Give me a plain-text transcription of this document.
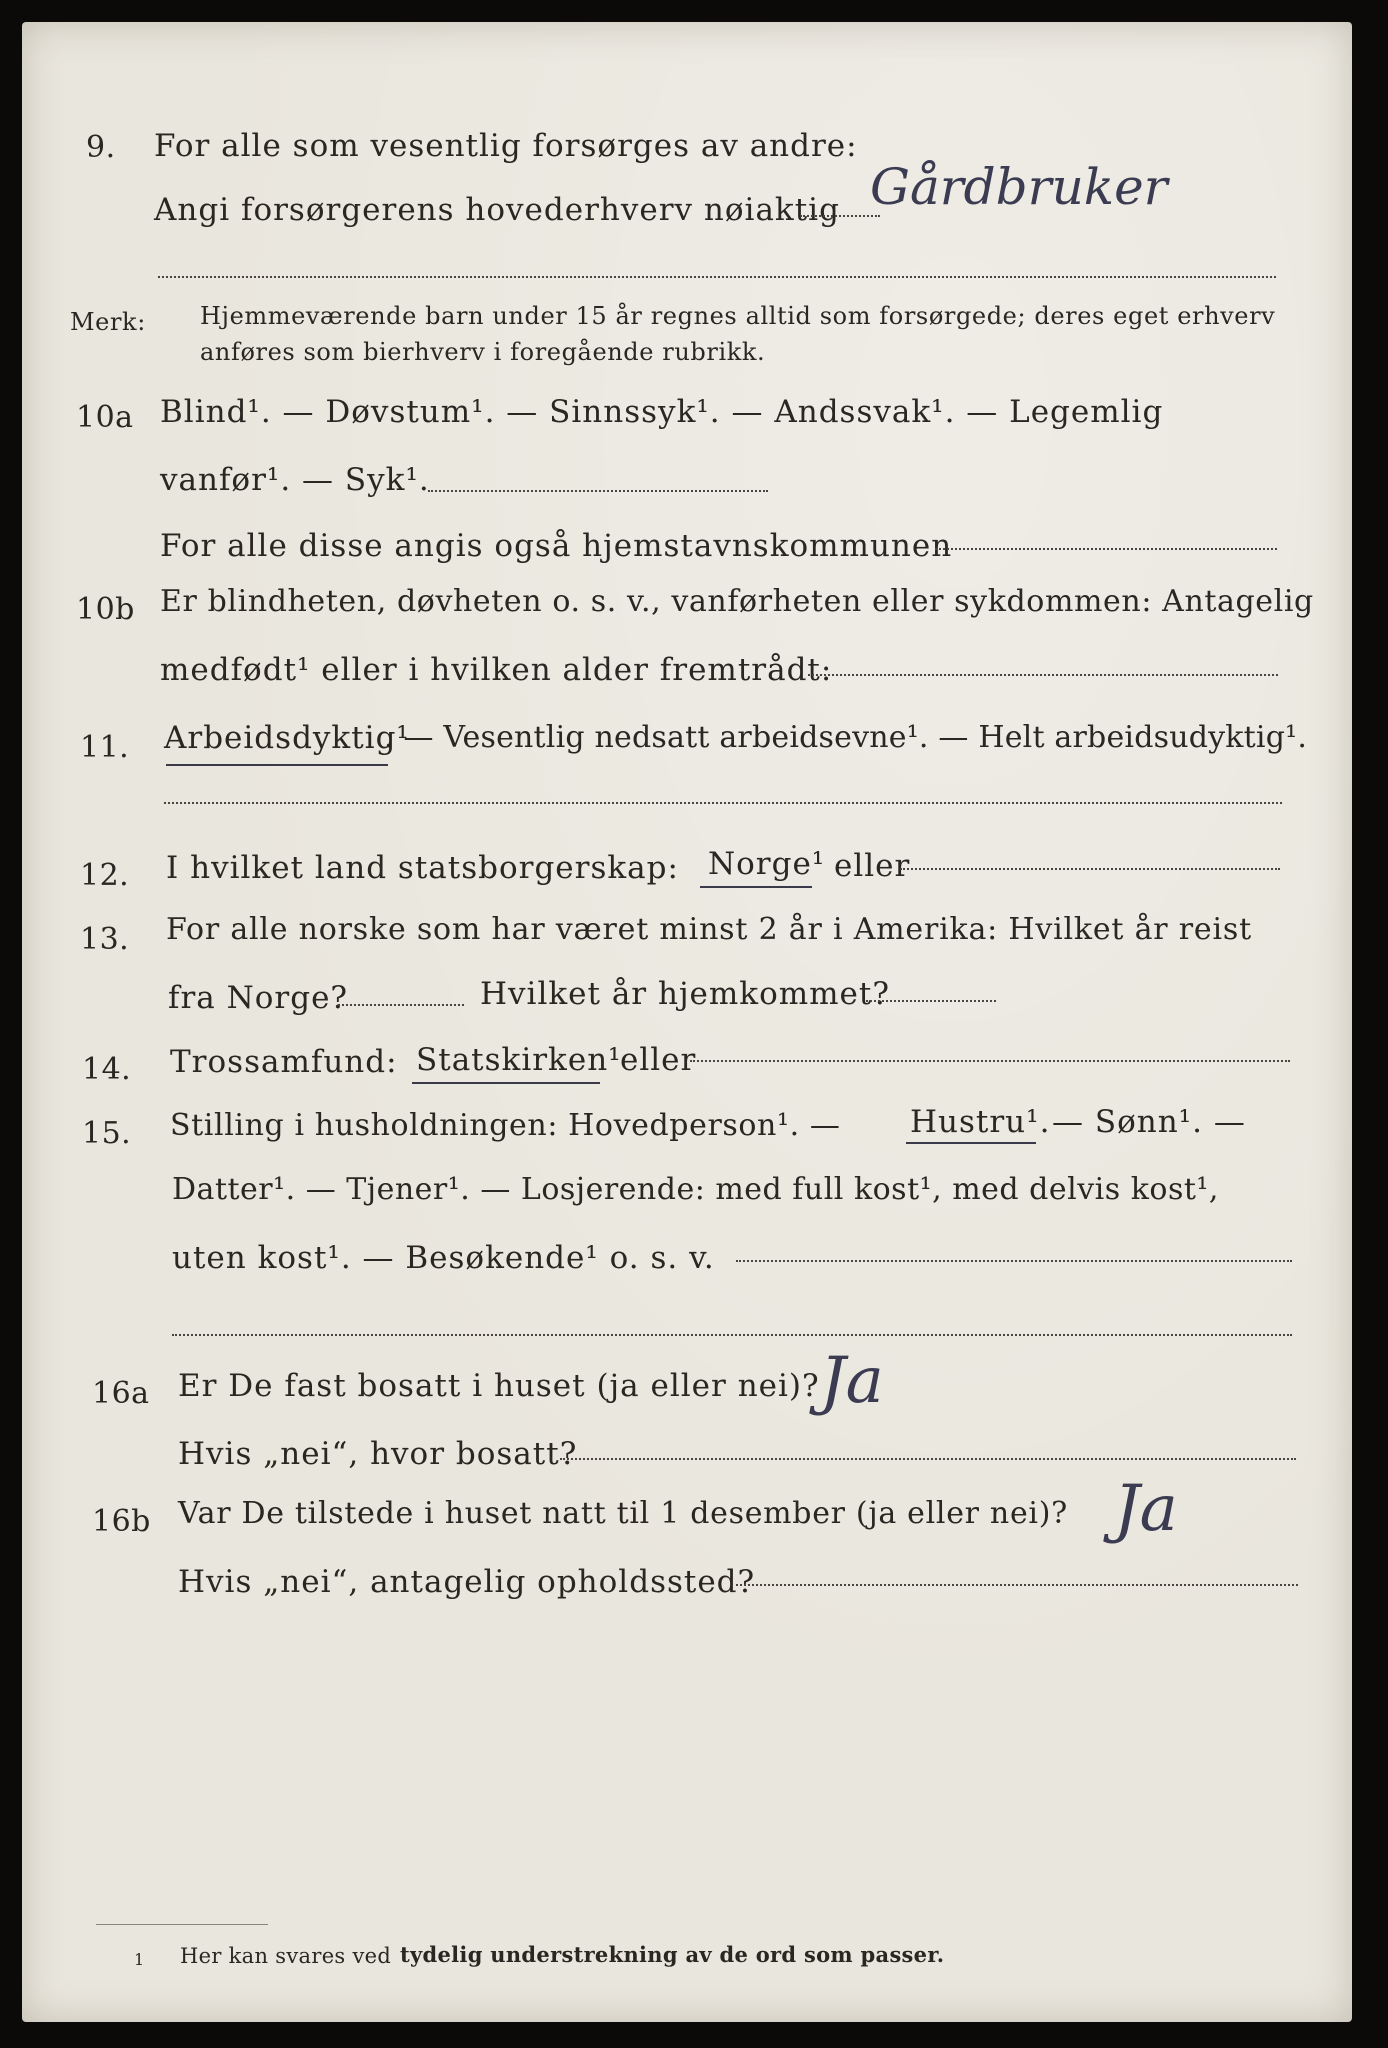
9. For alle som vesentlig forsørges av andre:
Angi forsørgerens hovederhverv nøiaktig Gårdbruker
Merk: Hjemmeværende barn under 15 år regnes alltid som forsørgede; deres eget erhverv
anføres som bierhverv i foregående rubrikk.
10a Blind¹. — Døvstum¹. — Sinnssyk¹. — Andssvak¹. — Legemlig
vanfør¹. — Syk¹.
For alle disse angis også hjemstavnskommunen
10b Er blindheten, døvheten o. s. v., vanførheten eller sykdommen: Antagelig
medfødt¹ eller i hvilken alder fremtrådt:
11. Arbeidsdyktig¹
. — Vesentlig nedsatt arbeidsevne¹. — Helt arbeidsudyktig¹.
12. I hvilket land statsborgerskap: Norge¹ eller
13. For alle norske som har været minst 2 år i Amerika: Hvilket år reist
fra Norge?	Hvilket år hjemkommet?
14. Trossamfund: Statskirken¹
eller
15. Stilling i husholdningen: Hovedperson¹. — Hustru¹. — Sønn¹. —
Datter¹. — Tjener¹. — Losjerende: med full kost¹, med delvis kost¹,
uten kost¹. — Besøkende¹ o. s. v.
16a Er De fast bosatt i huset (ja eller nei)? Ja
Hvis „nei“, hvor bosatt?
16b Var De tilstede i huset natt til 1 desember (ja eller nei)? Ja
Hvis „nei“, antagelig opholdssted?
1 Her kan svares ved tydelig understrekning av de ord som passer.
